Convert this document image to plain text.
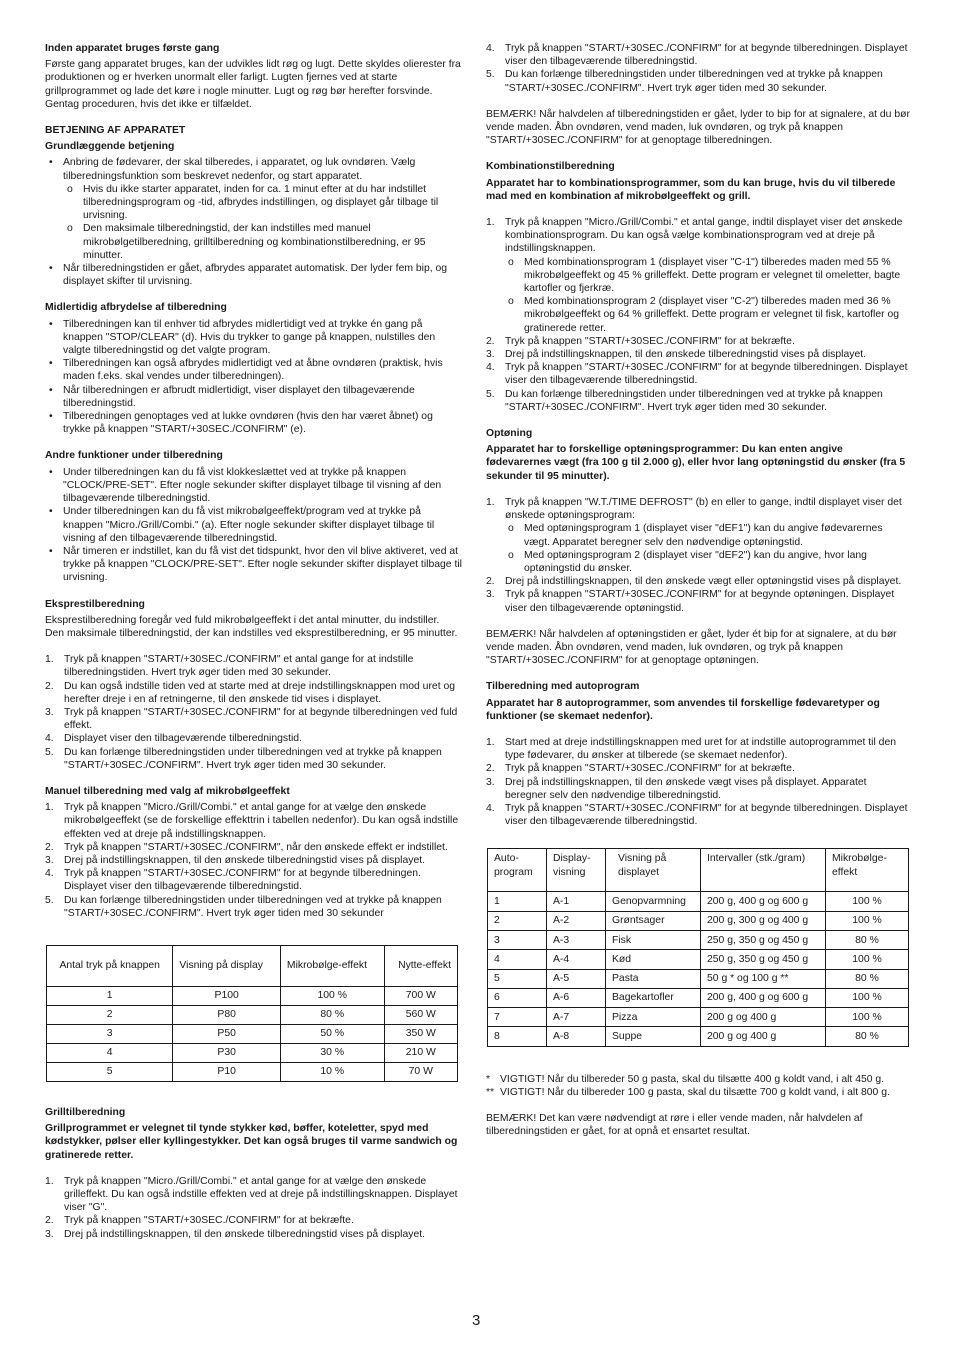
Inden apparatet bruges første gang

Første gang apparatet bruges, kan der udvikles lidt røg og lugt. Dette skyldes olierester fra produktionen og er hverken unormalt eller farligt. Lugten fjernes ved at starte grillprogrammet og lade det køre i nogle minutter. Lugt og røg bør herefter forsvinde. Gentag proceduren, hvis det ikke er tilfældet.

BETJENING AF APPARATET
Grundlæggende betjening
• Anbring de fødevarer, der skal tilberedes, i apparatet, og luk ovndøren. Vælg tilberedningsfunktion som beskrevet nedenfor, og start apparatet.
o Hvis du ikke starter apparatet, inden for ca. 1 minut efter at du har indstillet tilberedningsprogram og -tid, afbrydes indstillingen, og displayet går tilbage til urvisning.
o Den maksimale tilberedningstid, der kan indstilles med manuel mikrobølgetilberedning, grilltilberedning og kombinationstilberedning, er 95 minutter.
• Når tilberedningstiden er gået, afbrydes apparatet automatisk. Der lyder fem bip, og displayet skifter til urvisning.
Midlertidig afbrydelse af tilberedning
• Tilberedningen kan til enhver tid afbrydes midlertidigt ved at trykke én gang på knappen "STOP/CLEAR" (d). Hvis du trykker to gange på knappen, nulstilles den valgte tilberedningstid og det valgte program.
• Tilberedningen kan også afbrydes midlertidigt ved at åbne ovndøren (praktisk, hvis maden f.eks. skal vendes under tilberedningen).
• Når tilberedningen er afbrudt midlertidigt, viser displayet den tilbageværende tilberedningstid.
• Tilberedningen genoptages ved at lukke ovndøren (hvis den har været åbnet) og trykke på knappen "START/+30SEC./CONFIRM" (e).
Andre funktioner under tilberedning
• Under tilberedningen kan du få vist klokkeslættet ved at trykke på knappen "CLOCK/PRE-SET". Efter nogle sekunder skifter displayet tilbage til visning af den tilbageværende tilberedningstid.
• Under tilberedningen kan du få vist mikrobølgeeffekt/program ved at trykke på knappen "Micro./Grill/Combi." (a). Efter nogle sekunder skifter displayet tilbage til visning af den tilbageværende tilberedningstid.
• Når timeren er indstillet, kan du få vist det tidspunkt, hvor den vil blive aktiveret, ved at trykke på knappen "CLOCK/PRE-SET". Efter nogle sekunder skifter displayet tilbage til urvisning.
Eksprestilberedning

Eksprestilberedning foregår ved fuld mikrobølgeeffekt i det antal minutter, du indstiller.

Den maksimale tilberedningstid, der kan indstilles ved eksprestilberedning, er 95 minutter.

1. Tryk på knappen "START/+30SEC./CONFIRM" et antal gange for at indstille tilberedningstiden. Hvert tryk øger tiden med 30 sekunder.
2. Du kan også indstille tiden ved at starte med at dreje indstillingsknappen mod uret og herefter dreje i en af retningerne, til den ønskede tid vises i displayet.
3. Tryk på knappen "START/+30SEC./CONFIRM" for at begynde tilberedningen ved fuld effekt.
4. Displayet viser den tilbageværende tilberedningstid.
5. Du kan forlænge tilberedningstiden under tilberedningen ved at trykke på knappen "START/+30SEC./CONFIRM". Hvert tryk øger tiden med 30 sekunder.
Manuel tilberedning med valg af mikrobølgeeffekt
1. Tryk på knappen "Micro./Grill/Combi." et antal gange for at vælge den ønskede mikrobølgeeffekt (se de forskellige effekttrin i tabellen nedenfor). Du kan også indstille effekten ved at dreje på indstillingsknappen.
2. Tryk på knappen "START/+30SEC./CONFIRM", når den ønskede effekt er indstillet.
3. Drej på indstillingsknappen, til den ønskede tilberedningstid vises på displayet.
4. Tryk på knappen "START/+30SEC./CONFIRM" for at begynde tilberedningen. Displayet viser den tilbageværende tilberedningstid.
5. Du kan forlænge tilberedningstiden under tilberedningen ved at trykke på knappen "START/+30SEC./CONFIRM". Hvert tryk øger tiden med 30 sekunder
Antal tryk på knappen	Visning på display	Mikrobølge-effekt	Nytte-effekt
1	P100	100 %	700 W
2	P80	80 %	560 W
3	P50	50 %	350 W
4	P30	30 %	210 W
5	P10	10 %	70 W
Grilltilberedning

Grillprogrammet er velegnet til tynde stykker kød, bøffer, koteletter, spyd med kødstykker, pølser eller kyllingestykker. Det kan også bruges til varme sandwich og gratinerede retter.

1. Tryk på knappen "Micro./Grill/Combi." et antal gange for at vælge den ønskede grilleffekt. Du kan også indstille effekten ved at dreje på indstillingsknappen. Displayet viser "G".
2. Tryk på knappen "START/+30SEC./CONFIRM" for at bekræfte.
3. Drej på indstillingsknappen, til den ønskede tilberedningstid vises på displayet.
4. Tryk på knappen "START/+30SEC./CONFIRM" for at begynde tilberedningen. Displayet viser den tilbageværende tilberedningstid.
5. Du kan forlænge tilberedningstiden under tilberedningen ved at trykke på knappen "START/+30SEC./CONFIRM". Hvert tryk øger tiden med 30 sekunder.

BEMÆRK! Når halvdelen af tilberedningstiden er gået, lyder to bip for at signalere, at du bør vende maden. Åbn ovndøren, vend maden, luk ovndøren, og tryk på knappen "START/+30SEC./CONFIRM" for at genoptage tilberedningen.

Kombinationstilberedning

Apparatet har to kombinationsprogrammer, som du kan bruge, hvis du vil tilberede mad med en kombination af mikrobølgeeffekt og grill.

1. Tryk på knappen "Micro./Grill/Combi." et antal gange, indtil displayet viser det ønskede kombinationsprogram. Du kan også vælge kombinationsprogram ved at dreje på indstillingsknappen.
o Med kombinationsprogram 1 (displayet viser "C-1") tilberedes maden med 55 % mikrobølgeeffekt og 45 % grilleffekt. Dette program er velegnet til omeletter, bagte kartofler og fjerkræ.
o Med kombinationsprogram 2 (displayet viser "C-2") tilberedes maden med 36 % mikrobølgeeffekt og 64 % grilleffekt. Dette program er velegnet til fisk, kartofler og gratinerede retter.
2. Tryk på knappen "START/+30SEC./CONFIRM" for at bekræfte.
3. Drej på indstillingsknappen, til den ønskede tilberedningstid vises på displayet.
4. Tryk på knappen "START/+30SEC./CONFIRM" for at begynde tilberedningen. Displayet viser den tilbageværende tilberedningstid.
5. Du kan forlænge tilberedningstiden under tilberedningen ved at trykke på knappen "START/+30SEC./CONFIRM". Hvert tryk øger tiden med 30 sekunder.
Optøning

Apparatet har to forskellige optøningsprogrammer: Du kan enten angive fødevarernes vægt (fra 100 g til 2.000 g), eller hvor lang optøningstid du ønsker (fra 5 sekunder til 95 minutter).

1. Tryk på knappen "W.T./TIME DEFROST" (b) en eller to gange, indtil displayet viser det ønskede optøningsprogram:
o Med optøningsprogram 1 (displayet viser "dEF1") kan du angive fødevarernes vægt. Apparatet beregner selv den nødvendige optøningstid.
o Med optøningsprogram 2 (displayet viser "dEF2") kan du angive, hvor lang optøningstid du ønsker.
2. Drej på indstillingsknappen, til den ønskede vægt eller optøningstid vises på displayet.
3. Tryk på knappen "START/+30SEC./CONFIRM" for at begynde optøningen. Displayet viser den tilbageværende optøningstid.

BEMÆRK! Når halvdelen af optøningstiden er gået, lyder ét bip for at signalere, at du bør vende maden. Åbn ovndøren, vend maden, luk ovndøren, og tryk på knappen "START/+30SEC./CONFIRM" for at genoptage optøningen.

Tilberedning med autoprogram

Apparatet har 8 autoprogrammer, som anvendes til forskellige fødevaretyper og funktioner (se skemaet nedenfor).

1. Start med at dreje indstillingsknappen med uret for at indstille autoprogrammet til den type fødevarer, du ønsker at tilberede (se skemaet nedenfor).
2. Tryk på knappen "START/+30SEC./CONFIRM" for at bekræfte.
3. Drej på indstillingsknappen, til den ønskede vægt vises på displayet. Apparatet beregner selv den nødvendige tilberedningstid.
4. Tryk på knappen "START/+30SEC./CONFIRM" for at begynde tilberedningen. Displayet viser den tilbageværende tilberedningstid.
Auto-program	Display-visning	Visning på displayet	Intervaller (stk./gram)	Mikrobølge-effekt
1	A-1	Genopvarmning	200 g, 400 g og 600 g	100 %
2	A-2	Grøntsager	200 g, 300 g og 400 g	100 %
3	A-3	Fisk	250 g, 350 g og 450 g	80 %
4	A-4	Kød	250 g, 350 g og 450 g	100 %
5	A-5	Pasta	50 g * og 100 g **	80 %
6	A-6	Bagekartofler	200 g, 400 g og 600 g	100 %
7	A-7	Pizza	200 g og 400 g	100 %
8	A-8	Suppe	200 g og 400 g	80 %
* VIGTIGT! Når du tilbereder 50 g pasta, skal du tilsætte 400 g koldt vand, i alt 450 g.
** VIGTIGT! Når du tilbereder 100 g pasta, skal du tilsætte 700 g koldt vand, i alt 800 g.

BEMÆRK! Det kan være nødvendigt at røre i eller vende maden, når halvdelen af tilberedningstiden er gået, for at opnå et ensartet resultat.

3
